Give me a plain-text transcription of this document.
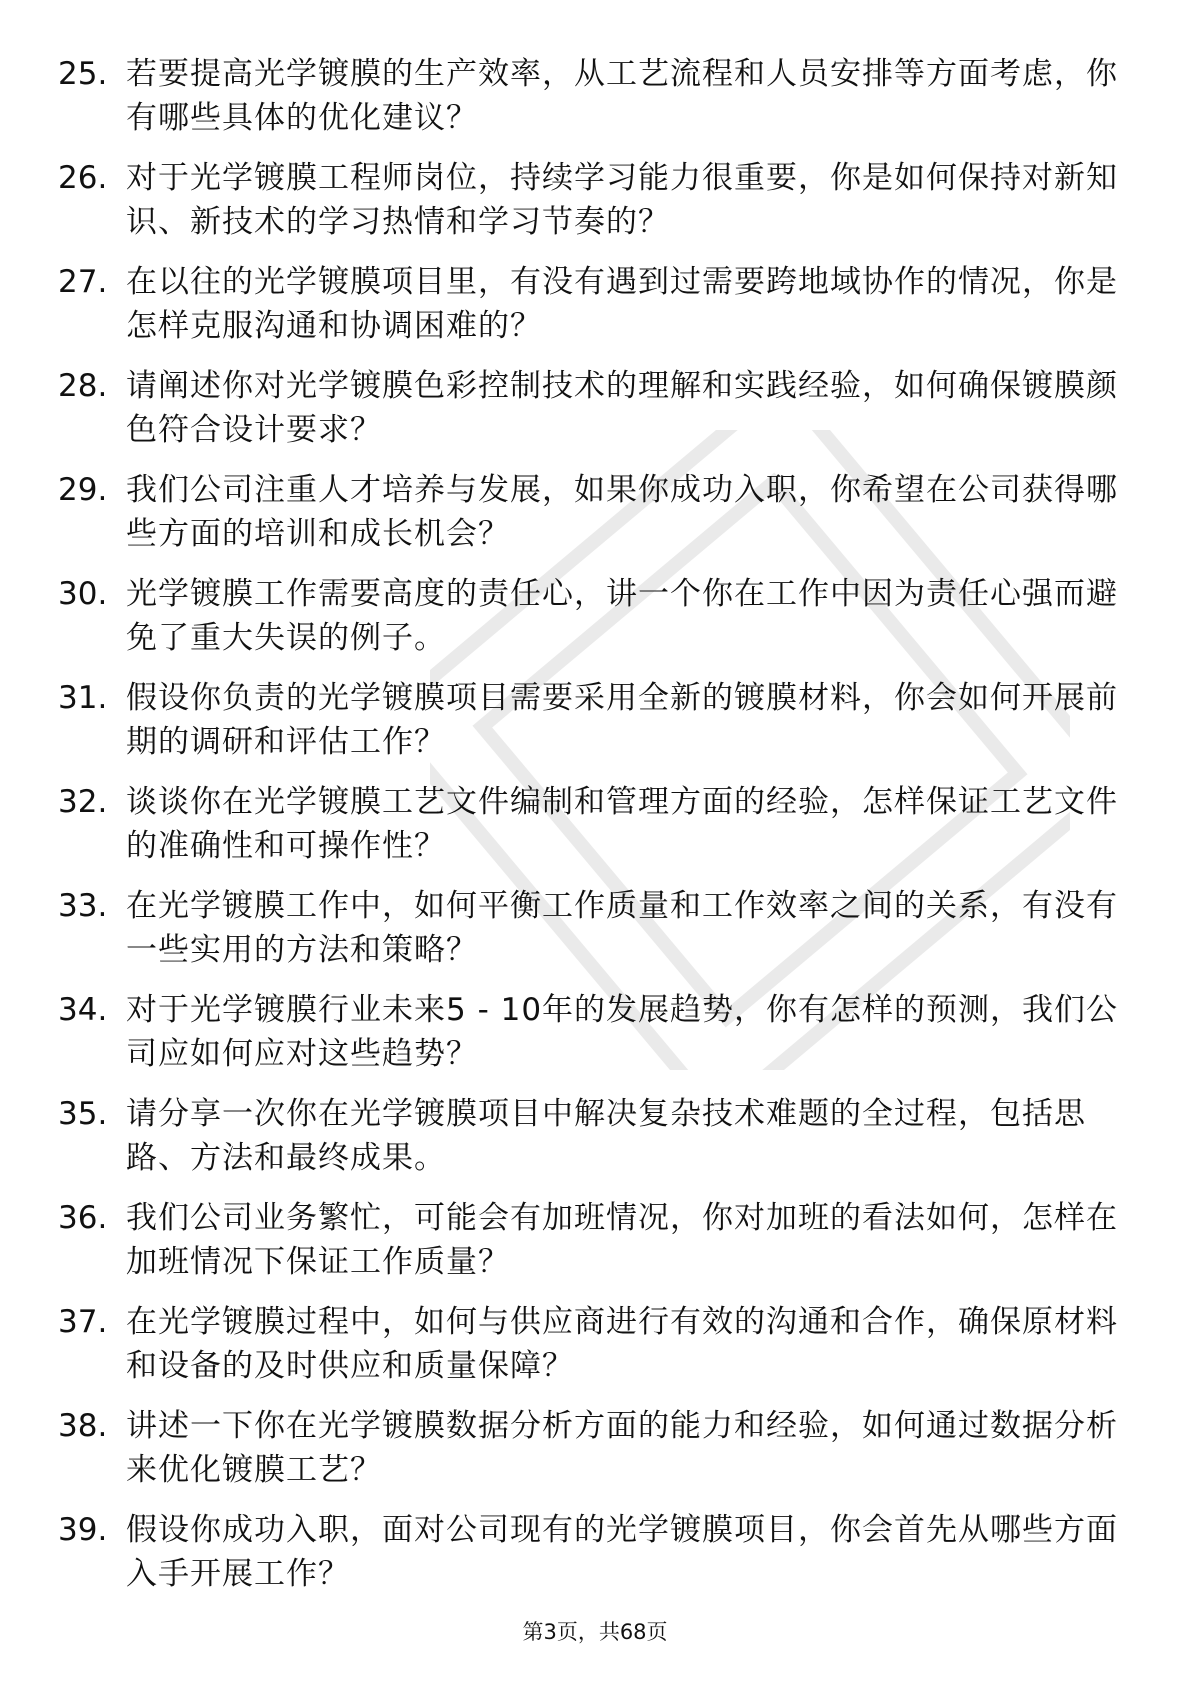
25. 若要提高光学镀膜的生产效率，从工艺流程和人员安排等方面考虑，你有哪些具体的优化建议？
26. 对于光学镀膜工程师岗位，持续学习能力很重要，你是如何保持对新知识、新技术的学习热情和学习节奏的？
27. 在以往的光学镀膜项目里，有没有遇到过需要跨地域协作的情况，你是怎样克服沟通和协调困难的？
28. 请阐述你对光学镀膜色彩控制技术的理解和实践经验，如何确保镀膜颜色符合设计要求？
29. 我们公司注重人才培养与发展，如果你成功入职，你希望在公司获得哪些方面的培训和成长机会？
30. 光学镀膜工作需要高度的责任心，讲一个你在工作中因为责任心强而避免了重大失误的例子。
31. 假设你负责的光学镀膜项目需要采用全新的镀膜材料，你会如何开展前期的调研和评估工作？
32. 谈谈你在光学镀膜工艺文件编制和管理方面的经验，怎样保证工艺文件的准确性和可操作性？
33. 在光学镀膜工作中，如何平衡工作质量和工作效率之间的关系，有没有一些实用的方法和策略？
34. 对于光学镀膜行业未来5 - 10年的发展趋势，你有怎样的预测，我们公司应如何应对这些趋势？
35. 请分享一次你在光学镀膜项目中解决复杂技术难题的全过程，包括思路、方法和最终成果。
36. 我们公司业务繁忙，可能会有加班情况，你对加班的看法如何，怎样在加班情况下保证工作质量？
37. 在光学镀膜过程中，如何与供应商进行有效的沟通和合作，确保原材料和设备的及时供应和质量保障？
38. 讲述一下你在光学镀膜数据分析方面的能力和经验，如何通过数据分析来优化镀膜工艺？
39. 假设你成功入职，面对公司现有的光学镀膜项目，你会首先从哪些方面入手开展工作？
第3页，共68页
